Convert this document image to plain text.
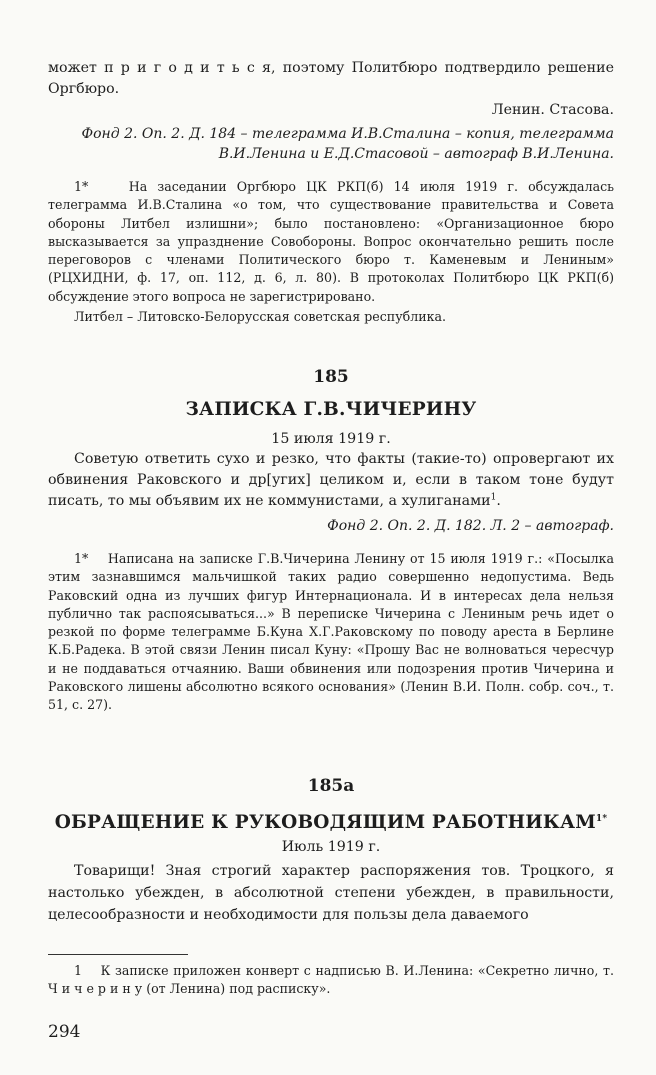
может п р и г о д и т ь с я, поэтому Политбюро подтвердило решение Оргбюро.

Ленин. Стасова.

Фонд 2. Оп. 2. Д. 184 – телеграмма И.В.Сталина – копия, телеграмма В.И.Ленина и Е.Д.Стасовой – автограф В.И.Ленина.

1*	На заседании Оргбюро ЦК РКП(б) 14 июля 1919 г. обсуждалась телеграмма И.В.Сталина «о том, что существование правительства и Совета обороны Литбел излишни»; было постановлено: «Организационное бюро высказывается за упразднение Совобороны. Вопрос окончательно решить после переговоров с членами Политического бюро т. Каменевым и Лениным» (РЦХИДНИ, ф. 17, оп. 112, д. 6, л. 80). В протоколах Политбюро ЦК РКП(б) обсуждение этого вопроса не зарегистрировано.

Литбел – Литовско-Белорусская советская республика.

185

ЗАПИСКА Г.В.ЧИЧЕРИНУ

15 июля 1919 г.

Советую ответить сухо и резко, что факты (такие-то) опровергают их обвинения Раковского и др[угих] целиком и, если в таком тоне будут писать, то мы объявим их не коммунистами, а хулиганами$^1$.

Фонд 2. Оп. 2. Д. 182. Л. 2 – автограф.

1* Написана на записке Г.В.Чичерина Ленину от 15 июля 1919 г.: «Посылка этим зазнавшимся мальчишкой таких радио совершенно недопустима. Ведь Раковский одна из лучших фигур Интернационала. И в интересах дела нельзя публично так распоясываться...» В переписке Чичерина с Лениным речь идет о резкой по форме телеграмме Б.Куна Х.Г.Раковскому по поводу ареста в Берлине К.Б.Радека. В этой связи Ленин писал Куну: «Прошу Вас не волноваться чересчур и не поддаваться отчаянию. Ваши обвинения или подозрения против Чичерина и Раковского лишены абсолютно всякого основания» (Ленин В.И. Полн. собр. соч., т. 51, с. 27).

185а

ОБРАЩЕНИЕ К РУКОВОДЯЩИМ $РАБОТНИКАМ^{1*}$

Июль 1919 г.

Товарищи! Зная строгий характер распоряжения тов. Троцкого, я настолько убежден, в абсолютной степени убежден, в правильности, целесообразности и необходимости для пользы дела даваемого

1 К записке приложен конверт с надписью В. И.Ленина: «Секретно лично, т. Ч и ч е р и н у (от Ленина) под расписку».

294
